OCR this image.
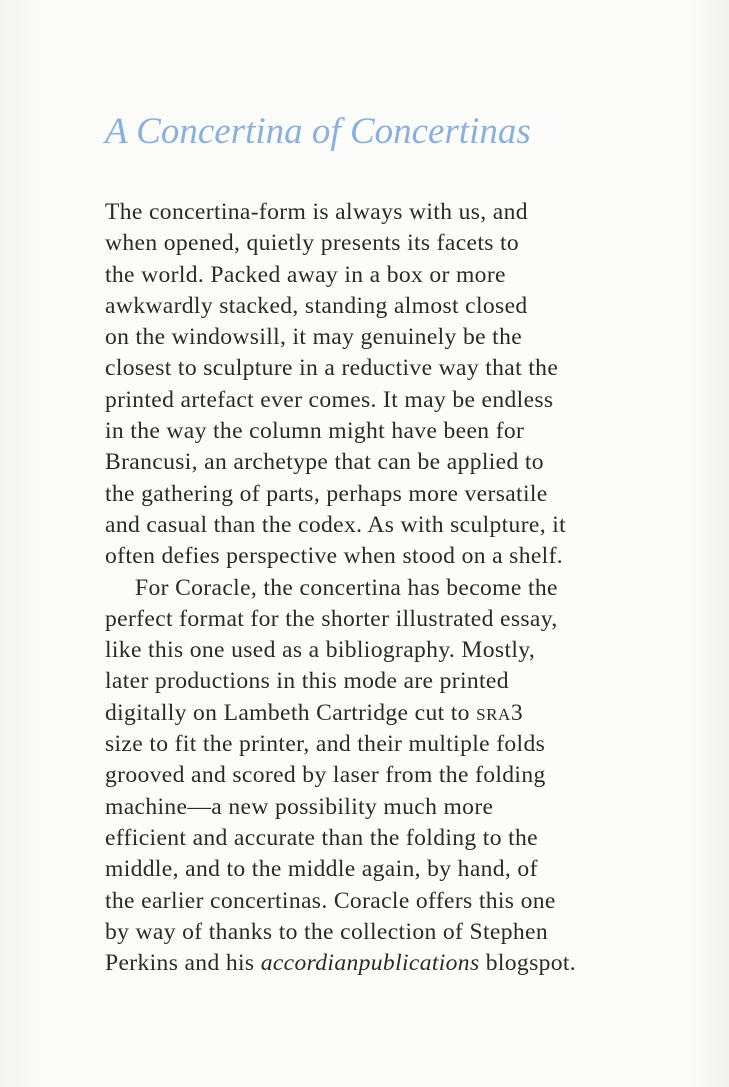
A Concertina of Concertinas
The concertina-form is always with us, and
when opened, quietly presents its facets to
the world. Packed away in a box or more
awkwardly stacked, standing almost closed
on the windowsill, it may genuinely be the
closest to sculpture in a reductive way that the
printed artefact ever comes. It may be endless
in the way the column might have been for
Brancusi, an archetype that can be applied to
the gathering of parts, perhaps more versatile
and casual than the codex. As with sculpture, it
often defies perspective when stood on a shelf.
For Coracle, the concertina has become the
perfect format for the shorter illustrated essay,
like this one used as a bibliography. Mostly,
later productions in this mode are printed
digitally on Lambeth Cartridge cut to sra3
size to fit the printer, and their multiple folds
grooved and scored by laser from the folding
machine—a new possibility much more
efficient and accurate than the folding to the
middle, and to the middle again, by hand, of
the earlier concertinas. Coracle offers this one
by way of thanks to the collection of Stephen
Perkins and his accordianpublications blogspot.
